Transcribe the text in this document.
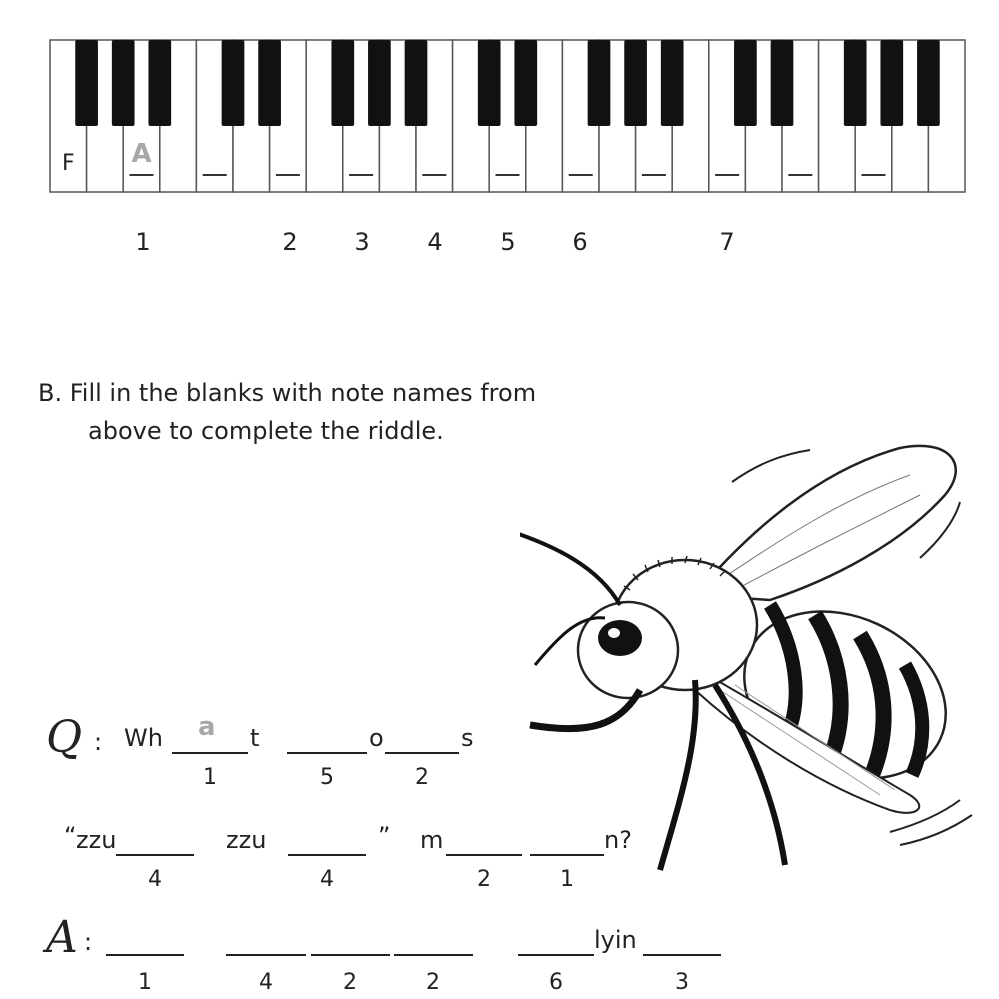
F A
1	2 3 4 5 6	7
B. Fill in the blanks with note names from
above to complete the riddle.
Q : Wh a t	o	s
1	5	2
“ zzu	zzu	” m	n?
4	4	2	1
A :	lyin
1	4	2	2	6	3
